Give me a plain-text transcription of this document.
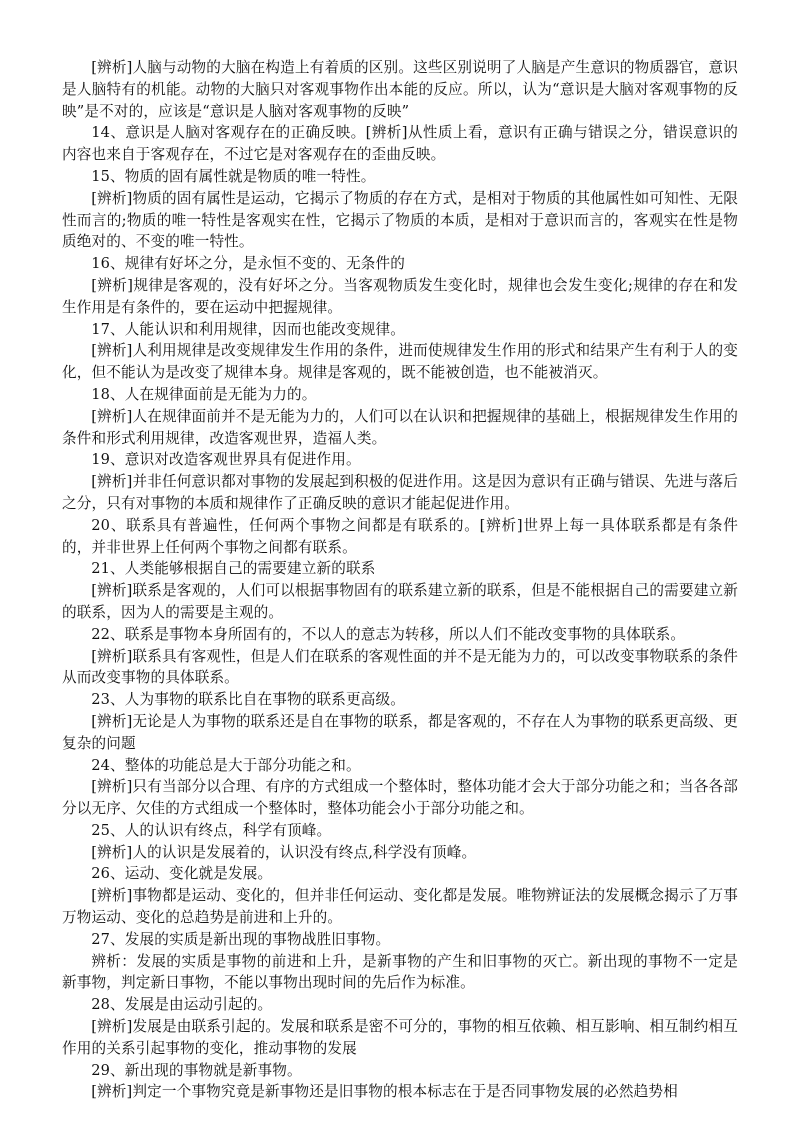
[辨析]人脑与动物的大脑在构造上有着质的区别。这些区别说明了人脑是产生意识的物质器官，意识是人脑特有的机能。动物的大脑只对客观事物作出本能的反应。所以，认为“意识是大脑对客观事物的反映”是不对的，应该是“意识是人脑对客观事物的反映”

14、意识是人脑对客观存在的正确反映。[辨析]从性质上看，意识有正确与错误之分，错误意识的内容也来自于客观存在，不过它是对客观存在的歪曲反映。

15、物质的固有属性就是物质的唯一特性。

[辨析]物质的固有属性是运动，它揭示了物质的存在方式，是相对于物质的其他属性如可知性、无限性而言的;物质的唯一特性是客观实在性，它揭示了物质的本质，是相对于意识而言的，客观实在性是物质绝对的、不变的唯一特性。

16、规律有好坏之分，是永恒不变的、无条件的

[辨析]规律是客观的，没有好坏之分。当客观物质发生变化时，规律也会发生变化;规律的存在和发生作用是有条件的，要在运动中把握规律。

17、人能认识和利用规律，因而也能改变规律。

[辨析]人利用规律是改变规律发生作用的条件，进而使规律发生作用的形式和结果产生有利于人的变化，但不能认为是改变了规律本身。规律是客观的，既不能被创造，也不能被消灭。

18、人在规律面前是无能为力的。

[辨析]人在规律面前并不是无能为力的，人们可以在认识和把握规律的基础上，根据规律发生作用的条件和形式利用规律，改造客观世界，造福人类。

19、意识对改造客观世界具有促进作用。

[辨析]并非任何意识都对事物的发展起到积极的促进作用。这是因为意识有正确与错误、先进与落后之分，只有对事物的本质和规律作了正确反映的意识才能起促进作用。

20、联系具有普遍性，任何两个事物之间都是有联系的。[辨析]世界上每一具体联系都是有条件的，并非世界上任何两个事物之间都有联系。

21、人类能够根据自己的需要建立新的联系

[辨析]联系是客观的，人们可以根据事物固有的联系建立新的联系，但是不能根据自己的需要建立新的联系，因为人的需要是主观的。

22、联系是事物本身所固有的，不以人的意志为转移，所以人们不能改变事物的具体联系。

[辨析]联系具有客观性，但是人们在联系的客观性面的并不是无能为力的，可以改变事物联系的条件从而改变事物的具体联系。

23、人为事物的联系比自在事物的联系更高级。

[辨析]无论是人为事物的联系还是自在事物的联系，都是客观的，不存在人为事物的联系更高级、更复杂的问题

24、整体的功能总是大于部分功能之和。

[辨析]只有当部分以合理、有序的方式组成一个整体时，整体功能才会大于部分功能之和；当各各部分以无序、欠佳的方式组成一个整体时，整体功能会小于部分功能之和。

25、人的认识有终点，科学有顶峰。

[辨析]人的认识是发展着的，认识没有终点,科学没有顶峰。

26、运动、变化就是发展。

[辨析]事物都是运动、变化的，但并非任何运动、变化都是发展。唯物辨证法的发展概念揭示了万事万物运动、变化的总趋势是前进和上升的。

27、发展的实质是新出现的事物战胜旧事物。

辨析：发展的实质是事物的前进和上升，是新事物的产生和旧事物的灭亡。新出现的事物不一定是新事物，判定新日事物，不能以事物出现时间的先后作为标准。

28、发展是由运动引起的。

[辨析]发展是由联系引起的。发展和联系是密不可分的，事物的相互依赖、相互影响、相互制约相互作用的关系引起事物的变化，推动事物的发展

29、新出现的事物就是新事物。

[辨析]判定一个事物究竟是新事物还是旧事物的根本标志在于是否同事物发展的必然趋势相
